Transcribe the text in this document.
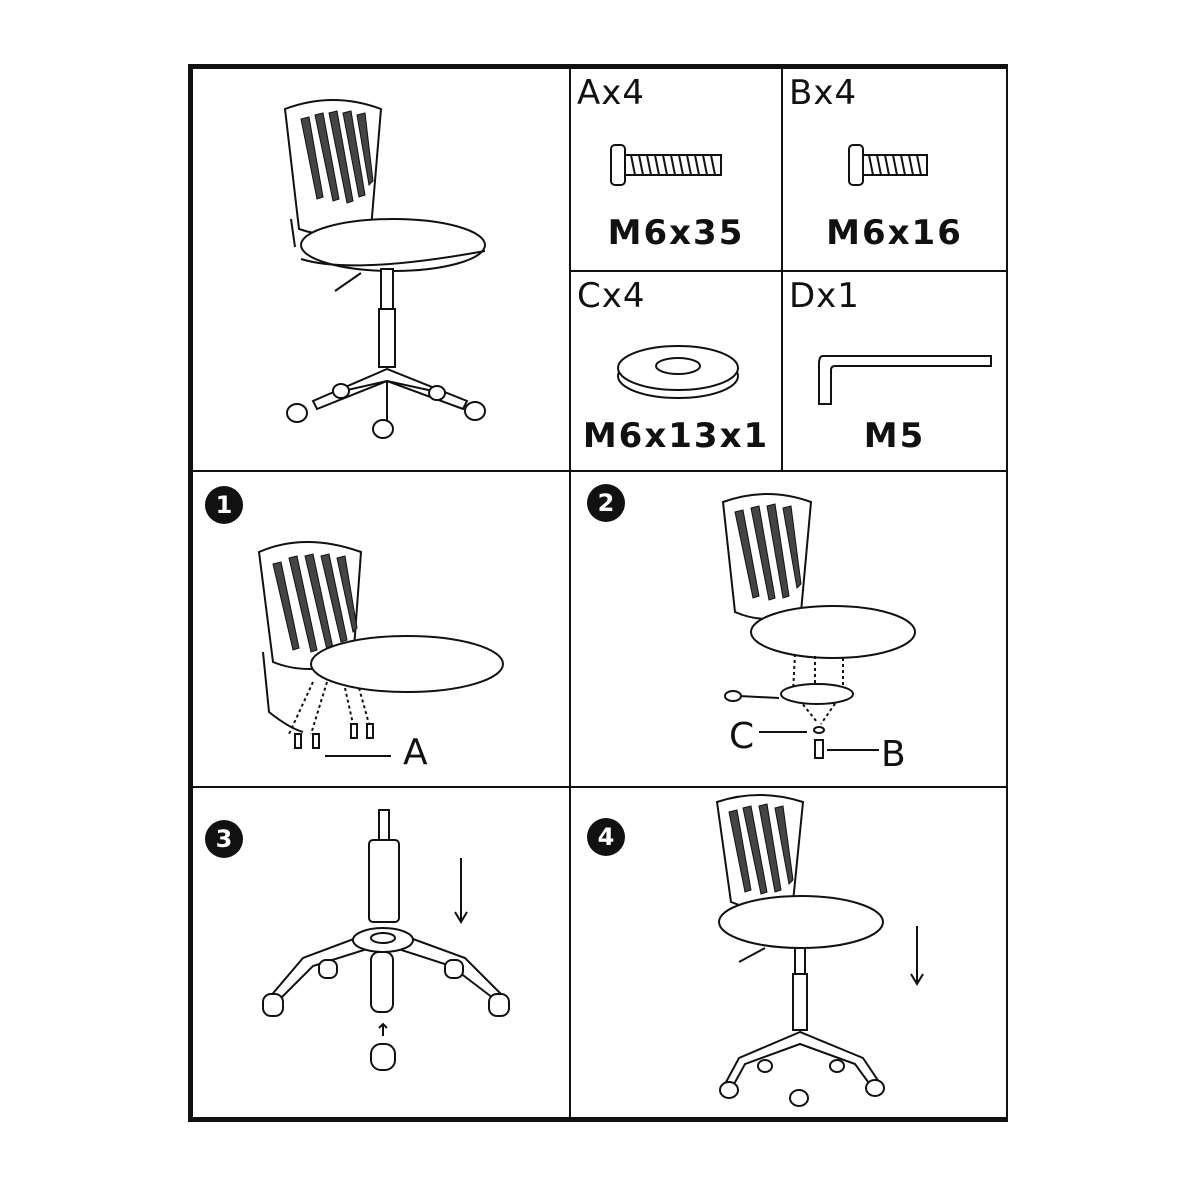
Ax4
M6x35
Bx4
M6x16
Cx4
M6x13x1
Dx1
M5
1
A
2
C	B
3	4
